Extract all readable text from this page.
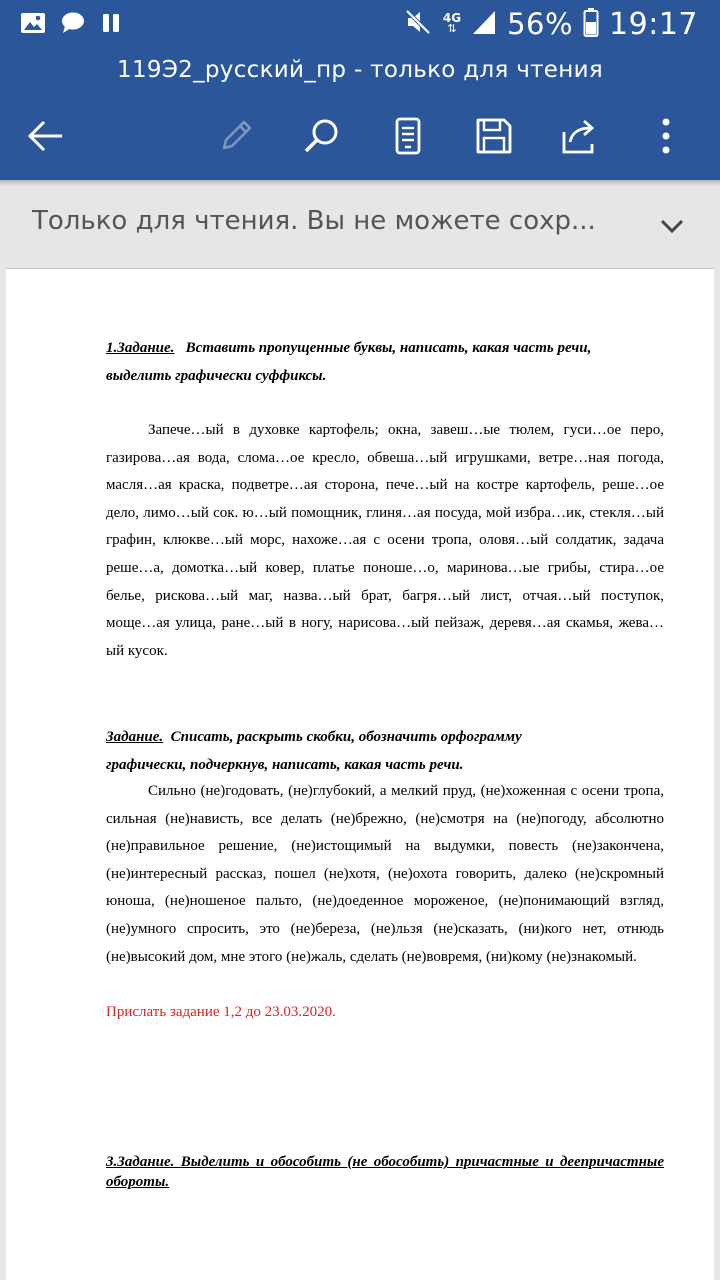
4G
⇅ 56% 19:17
119Э2_русский_пр - только для чтения
Только для чтения. Вы не можете сохр...
1.Задание. Вставить пропущенные буквы, написать, какая часть речи,
выделить графически суффиксы.
Запече…ый в духовке картофель; окна, завеш…ые тюлем, гуси…ое перо, газирова…ая вода, слома…ое кресло, обвеша…ый игрушками, ветре…ная погода, масля…ая краска, подветре…ая сторона, пече…ый на костре картофель, реше…ое дело, лимо…ый сок. ю…ый помощник, глиня…ая посуда, мой избра…ик, стекля…ый графин, клюкве…ый морс, нахоже…ая с осени тропа, оловя…ый солдатик, задача реше…а, домотка…ый ковер, платье поноше…о, маринова…ые грибы, стира…ое белье, рискова…ый маг, назва…ый брат, багря…ый лист, отчая…ый поступок, моще…ая улица, ране…ый в ногу, нарисова…ый пейзаж, деревя…ая скамья, жева…ый кусок.
Задание. Списать, раскрыть скобки, обозначить орфограмму
графически, подчеркнув, написать, какая часть речи.
Сильно (не)годовать, (не)глубокий, а мелкий пруд, (не)хоженная с осени тропа, сильная (не)нависть, все делать (не)брежно, (не)смотря на (не)погоду, абсолютно (не)правильное решение, (не)истощимый на выдумки, повесть (не)закончена, (не)интересный рассказ, пошел (не)хотя, (не)охота говорить, далеко (не)скромный юноша, (не)ношеное пальто, (не)доеденное мороженое, (не)понимающий взгляд, (не)умного спросить, это (не)береза, (не)льзя (не)сказать, (ни)кого нет, отнюдь (не)высокий дом, мне этого (не)жаль, сделать (не)вовремя, (ни)кому (не)знакомый.
Прислать задание 1,2 до 23.03.2020.
3.Задание. Выделить и обособить (не обособить) причастные и деепричастные обороты.
